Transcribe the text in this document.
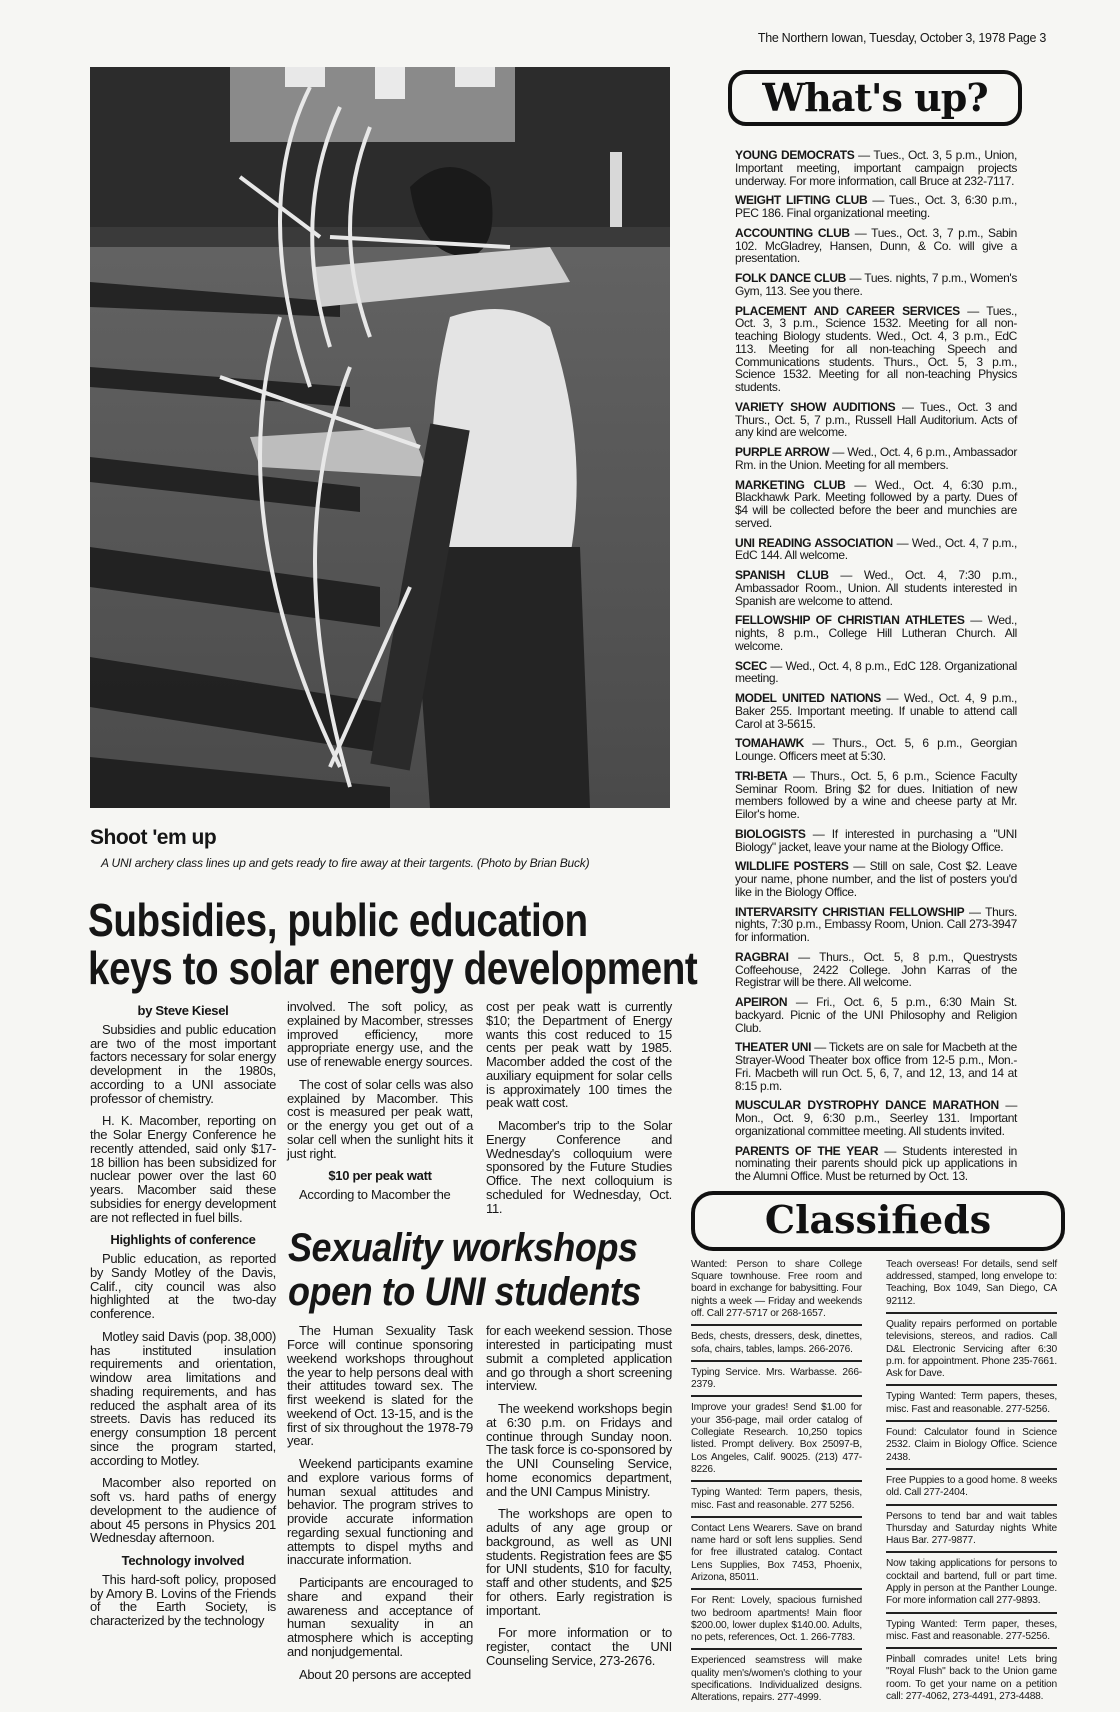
The Northern Iowan, Tuesday, October 3, 1978 Page 3
Shoot 'em up
A UNI archery class lines up and gets ready to fire away at their targents. (Photo by Brian Buck)
Subsidies, public education
keys to solar energy development
by Steve Kiesel

Subsidies and public education are two of the most important factors necessary for solar energy development in the 1980s, according to a UNI associate professor of chemistry.

H. K. Macomber, reporting on the Solar Energy Conference he recently attended, said only $17-18 billion has been subsidized for nuclear power over the last 60 years. Macomber said these subsidies for energy development are not reflected in fuel bills.

Highlights of conference

Public education, as reported by Sandy Motley of the Davis, Calif., city council was also highlighted at the two-day conference.

Motley said Davis (pop. 38,000) has instituted insulation requirements and orientation, window area limitations and shading requirements, and has reduced the asphalt area of its streets. Davis has reduced its energy consumption 18 percent since the program started, according to Motley.

Macomber also reported on soft vs. hard paths of energy development to the audience of about 45 persons in Physics 201 Wednesday afternoon.

Technology involved

This hard-soft policy, proposed by Amory B. Lovins of the Friends of the Earth Society, is characterized by the technology

involved. The soft policy, as explained by Macomber, stresses improved efficiency, more appropriate energy use, and the use of renewable energy sources.

The cost of solar cells was also explained by Macomber. This cost is measured per peak watt, or the energy you get out of a solar cell when the sunlight hits it just right.

$10 per peak watt

According to Macomber the

cost per peak watt is currently $10; the Department of Energy wants this cost reduced to 15 cents per peak watt by 1985. Macomber added the cost of the auxiliary equipment for solar cells is approximately 100 times the peak watt cost.

Macomber's trip to the Solar Energy Conference and Wednesday's colloquium were sponsored by the Future Studies Office. The next colloquium is scheduled for Wednesday, Oct. 11.

Sexuality workshops
open to UNI students

The Human Sexuality Task Force will continue sponsoring weekend workshops throughout the year to help persons deal with their attitudes toward sex. The first weekend is slated for the weekend of Oct. 13-15, and is the first of six throughout the 1978-79 year.

Weekend participants examine and explore various forms of human sexual attitudes and behavior. The program strives to provide accurate information regarding sexual functioning and attempts to dispel myths and inaccurate information.

Participants are encouraged to share and expand their awareness and acceptance of human sexuality in an atmosphere which is accepting and nonjudgemental.

About 20 persons are accepted

for each weekend session. Those interested in participating must submit a completed application and go through a short screening interview.

The weekend workshops begin at 6:30 p.m. on Fridays and continue through Sunday noon. The task force is co-sponsored by the UNI Counseling Service, home economics department, and the UNI Campus Ministry.

The workshops are open to adults of any age group or background, as well as UNI students. Registration fees are $5 for UNI students, $10 for faculty, staff and other students, and $25 for others. Early registration is important.

For more information or to register, contact the UNI Counseling Service, 273-2676.

What's up?
YOUNG DEMOCRATS — Tues., Oct. 3, 5 p.m., Union, Important meeting, important campaign projects underway. For more information, call Bruce at 232-7117.
WEIGHT LIFTING CLUB — Tues., Oct. 3, 6:30 p.m., PEC 186. Final organizational meeting.
ACCOUNTING CLUB — Tues., Oct. 3, 7 p.m., Sabin 102. McGladrey, Hansen, Dunn, & Co. will give a presentation.
FOLK DANCE CLUB — Tues. nights, 7 p.m., Women's Gym, 113. See you there.
PLACEMENT AND CAREER SERVICES — Tues., Oct. 3, 3 p.m., Science 1532. Meeting for all non-teaching Biology students. Wed., Oct. 4, 3 p.m., EdC 113. Meeting for all non-teaching Speech and Communications students. Thurs., Oct. 5, 3 p.m., Science 1532. Meeting for all non-teaching Physics students.
VARIETY SHOW AUDITIONS — Tues., Oct. 3 and Thurs., Oct. 5, 7 p.m., Russell Hall Auditorium. Acts of any kind are welcome.
PURPLE ARROW — Wed., Oct. 4, 6 p.m., Ambassador Rm. in the Union. Meeting for all members.
MARKETING CLUB — Wed., Oct. 4, 6:30 p.m., Blackhawk Park. Meeting followed by a party. Dues of $4 will be collected before the beer and munchies are served.
UNI READING ASSOCIATION — Wed., Oct. 4, 7 p.m., EdC 144. All welcome.
SPANISH CLUB — Wed., Oct. 4, 7:30 p.m., Ambassador Room., Union. All students interested in Spanish are welcome to attend.
FELLOWSHIP OF CHRISTIAN ATHLETES — Wed., nights, 8 p.m., College Hill Lutheran Church. All welcome.
SCEC — Wed., Oct. 4, 8 p.m., EdC 128. Organizational meeting.
MODEL UNITED NATIONS — Wed., Oct. 4, 9 p.m., Baker 255. Important meeting. If unable to attend call Carol at 3-5615.
TOMAHAWK — Thurs., Oct. 5, 6 p.m., Georgian Lounge. Officers meet at 5:30.
TRI-BETA — Thurs., Oct. 5, 6 p.m., Science Faculty Seminar Room. Bring $2 for dues. Initiation of new members followed by a wine and cheese party at Mr. Eilor's home.
BIOLOGISTS — If interested in purchasing a "UNI Biology" jacket, leave your name at the Biology Office.
WILDLIFE POSTERS — Still on sale, Cost $2. Leave your name, phone number, and the list of posters you'd like in the Biology Office.
INTERVARSITY CHRISTIAN FELLOWSHIP — Thurs. nights, 7:30 p.m., Embassy Room, Union. Call 273-3947 for information.
RAGBRAI — Thurs., Oct. 5, 8 p.m., Questrysts Coffeehouse, 2422 College. John Karras of the Registrar will be there. All welcome.
APEIRON — Fri., Oct. 6, 5 p.m., 6:30 Main St. backyard. Picnic of the UNI Philosophy and Religion Club.
THEATER UNI — Tickets are on sale for Macbeth at the Strayer-Wood Theater box office from 12-5 p.m., Mon.-Fri. Macbeth will run Oct. 5, 6, 7, and 12, 13, and 14 at 8:15 p.m.
MUSCULAR DYSTROPHY DANCE MARATHON — Mon., Oct. 9, 6:30 p.m., Seerley 131. Important organizational committee meeting. All students invited.
PARENTS OF THE YEAR — Students interested in nominating their parents should pick up applications in the Alumni Office. Must be returned by Oct. 13.
Classifieds
Wanted: Person to share College Square townhouse. Free room and board in exchange for babysitting. Four nights a week — Friday and weekends off. Call 277-5717 or 268-1657.
Beds, chests, dressers, desk, dinettes, sofa, chairs, tables, lamps. 266-2076.
Typing Service. Mrs. Warbasse. 266-2379.
Improve your grades! Send $1.00 for your 356-page, mail order catalog of Collegiate Research. 10,250 topics listed. Prompt delivery. Box 25097-B, Los Angeles, Calif. 90025. (213) 477-8226.
Typing Wanted: Term papers, thesis, misc. Fast and reasonable. 277 5256.
Contact Lens Wearers. Save on brand name hard or soft lens supplies. Send for free illustrated catalog. Contact Lens Supplies, Box 7453, Phoenix, Arizona, 85011.
For Rent: Lovely, spacious furnished two bedroom apartments! Main floor $200.00, lower duplex $140.00. Adults, no pets, references, Oct. 1. 266-7783.
Experienced seamstress will make quality men's/women's clothing to your specifications. Individualized designs. Alterations, repairs. 277-4999.
Teach overseas! For details, send self addressed, stamped, long envelope to: Teaching, Box 1049, San Diego, CA 92112.
Quality repairs performed on portable televisions, stereos, and radios. Call D&L Electronic Servicing after 6:30 p.m. for appointment. Phone 235-7661. Ask for Dave.
Typing Wanted: Term papers, theses, misc. Fast and reasonable. 277-5256.
Found: Calculator found in Science 2532. Claim in Biology Office. Science 2438.
Free Puppies to a good home. 8 weeks old. Call 277-2404.
Persons to tend bar and wait tables Thursday and Saturday nights White Haus Bar. 277-9877.
Now taking applications for persons to cocktail and bartend, full or part time. Apply in person at the Panther Lounge. For more information call 277-9893.
Typing Wanted: Term paper, theses, misc. Fast and reasonable. 277-5256.
Pinball comrades unite! Lets bring "Royal Flush" back to the Union game room. To get your name on a petition call: 277-4062, 273-4491, 273-4488.
